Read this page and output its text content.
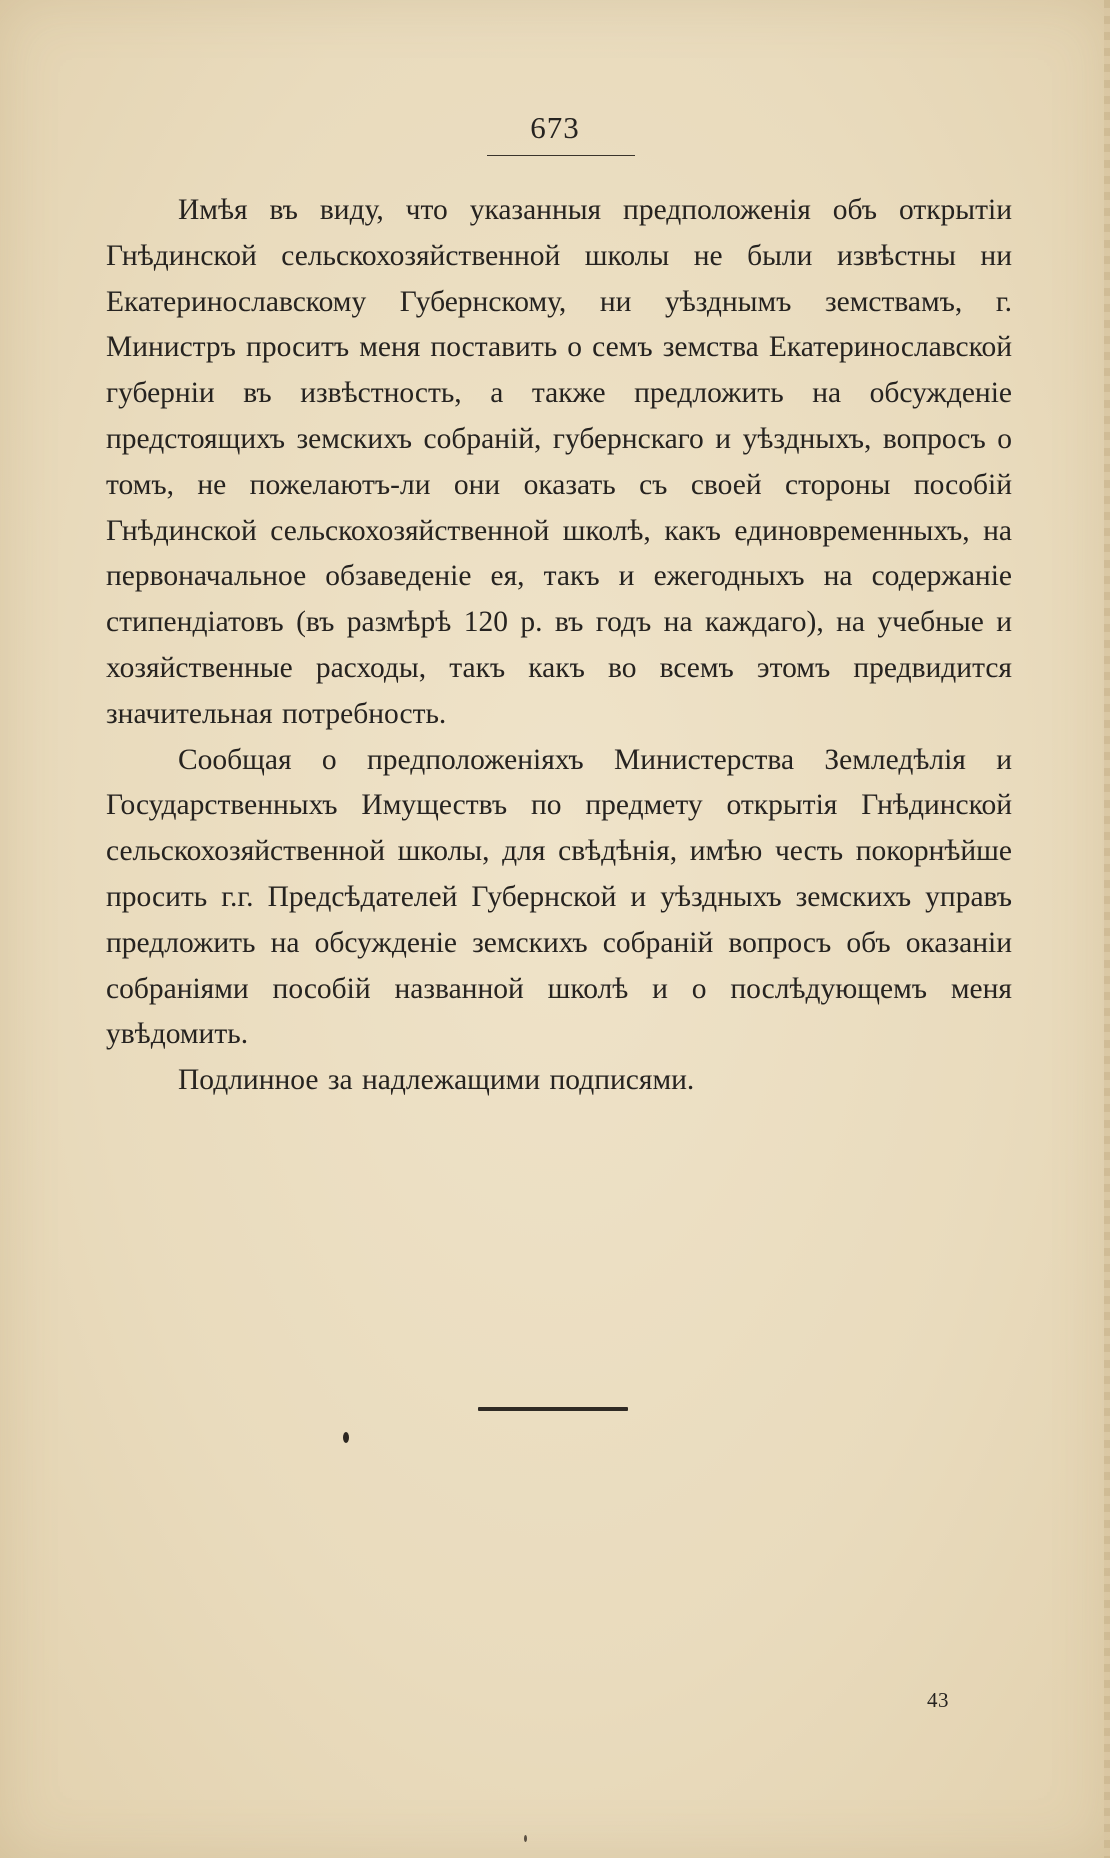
673

Имѣя въ виду, что указанныя предположенія объ открытіи Гнѣдинской сельскохозяйственной школы не были извѣстны ни Екатеринославскому Губернскому, ни уѣзднымъ земствамъ, г. Министръ проситъ меня поставить о семъ земства Екатеринославской губерніи въ извѣстность, а также предложить на обсужденіе предстоящихъ земскихъ собраній, губернскаго и уѣздныхъ, вопросъ о томъ, не пожелаютъ-ли они оказать съ своей стороны пособій Гнѣдинской сельскохозяйственной школѣ, какъ единовременныхъ, на первоначальное обзаведеніе ея, такъ и ежегодныхъ на содержаніе стипендіатовъ (въ размѣрѣ 120 р. въ годъ на каждаго), на учебные и хозяйственные расходы, такъ какъ во всемъ этомъ предвидится значительная потребность.

Сообщая о предположеніяхъ Министерства Земледѣлія и Государственныхъ Имуществъ по предмету открытія Гнѣдинской сельскохозяйственной школы, для свѣдѣнія, имѣю честь покорнѣйше просить г.г. Предсѣдателей Губернской и уѣздныхъ земскихъ управъ предложить на обсужденіе земскихъ собраній вопросъ объ оказаніи собраніями пособій названной школѣ и о послѣдующемъ меня увѣдомить.

Подлинное за надлежащими подписями.

43
